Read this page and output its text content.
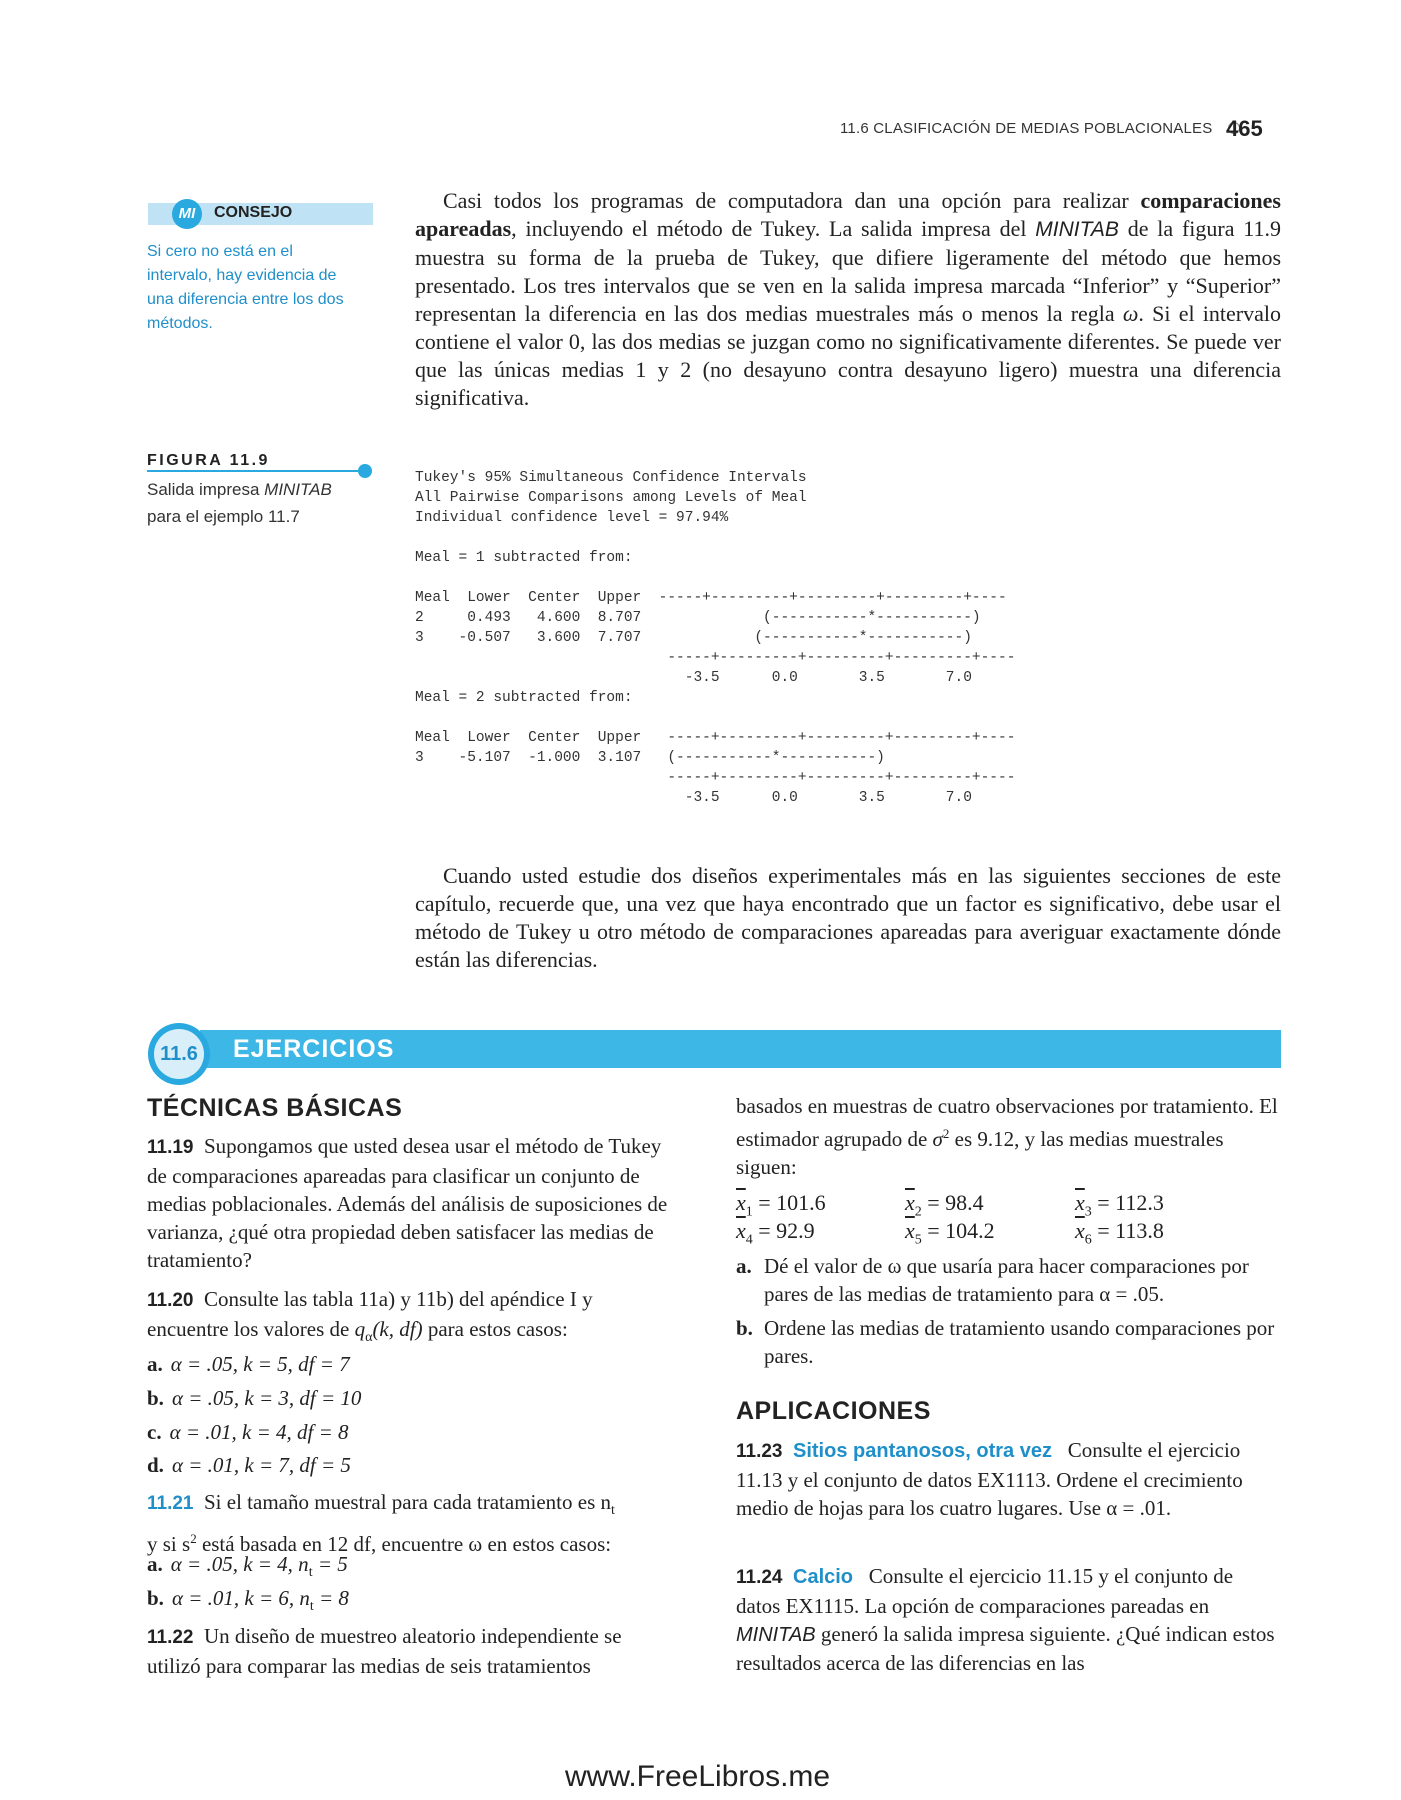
11.6 CLASIFICACIÓN DE MEDIAS POBLACIONALES 465
MI	CONSEJO
Si cero no está en el intervalo, hay evidencia de una diferencia entre los dos métodos.
Casi todos los programas de computadora dan una opción para realizar comparaciones apareadas, incluyendo el método de Tukey. La salida impresa del MINITAB de la figura 11.9 muestra su forma de la prueba de Tukey, que difiere ligeramente del método que hemos presentado. Los tres intervalos que se ven en la salida impresa marcada “Inferior” y “Superior” representan la diferencia en las dos medias muestrales más o menos la regla ω. Si el intervalo contiene el valor 0, las dos medias se juzgan como no significativamente diferentes. Se puede ver que las únicas medias 1 y 2 (no desayuno contra desayuno ligero) muestra una diferencia significativa.
FIGURA 11.9
Salida impresa MINITAB para el ejemplo 11.7
Tukey's 95% Simultaneous Confidence Intervals
All Pairwise Comparisons among Levels of Meal
Individual confidence level = 97.94%
Meal = 1 subtracted from:
Meal  Lower  Center  Upper  -----+---------+---------+---------+----
2     0.493   4.600  8.707              (-----------*-----------)
3    -0.507   3.600  7.707             (-----------*-----------)
-----+---------+---------+---------+----
-3.5      0.0       3.5       7.0
Meal = 2 subtracted from:
Meal  Lower  Center  Upper   -----+---------+---------+---------+----
3    -5.107  -1.000  3.107   (-----------*-----------)
-----+---------+---------+---------+----
-3.5      0.0       3.5       7.0
Cuando usted estudie dos diseños experimentales más en las siguientes secciones de este capítulo, recuerde que, una vez que haya encontrado que un factor es significativo, debe usar el método de Tukey u otro método de comparaciones apareadas para averiguar exactamente dónde están las diferencias.
11.6 EJERCICIOS
TÉCNICAS BÁSICAS
11.19 Supongamos que usted desea usar el método de Tukey de comparaciones apareadas para clasificar un conjunto de medias poblacionales. Además del análisis de suposiciones de varianza, ¿qué otra propiedad deben satisfacer las medias de tratamiento?
11.20 Consulte las tabla 11a) y 11b) del apéndice I y encuentre los valores de $q_\alpha(k$, df) para estos casos:
a. α = .05, k = 5, df = 7
b. α = .05, k = 3, df = 10
c. α = .01, k = 4, df = 8
d. α = .01, k = 7, df = 5
11.21 Si el tamaño muestral para cada tratamiento es $n_t$
y si $s^2$ está basada en 12 df, encuentre ω en estos casos:
a. α = .05, k = 4, $n_t = 5$
b. α = .01, k = 6, $n_t = 8$
11.22 Un diseño de muestreo aleatorio independiente se utilizó para comparar las medias de seis tratamientos
basados en muestras de cuatro observaciones por tratamiento. El estimador agrupado de $\sigma^2$ es 9.12, y las medias muestrales siguen:
$\overline{x}_1 = 101.6$	$\overline{x}_2 = 98.4$	$\overline{x}_3 = 112.3$
$\overline{x}_4 = 92.9$	$\overline{x}_5 = 104.2$	$\overline{x}_6 = 113.8$
a. Dé el valor de ω que usaría para hacer comparaciones por pares de las medias de tratamiento para α = .05.
b. Ordene las medias de tratamiento usando comparaciones por pares.
APLICACIONES
11.23 Sitios pantanosos, otra vez Consulte el ejercicio 11.13 y el conjunto de datos EX1113. Ordene el crecimiento medio de hojas para los cuatro lugares. Use α = .01.
11.24 Calcio Consulte el ejercicio 11.15 y el conjunto de datos EX1115. La opción de comparaciones pareadas en MINITAB generó la salida impresa siguiente. ¿Qué indican estos resultados acerca de las diferencias en las
www.FreeLibros.me
